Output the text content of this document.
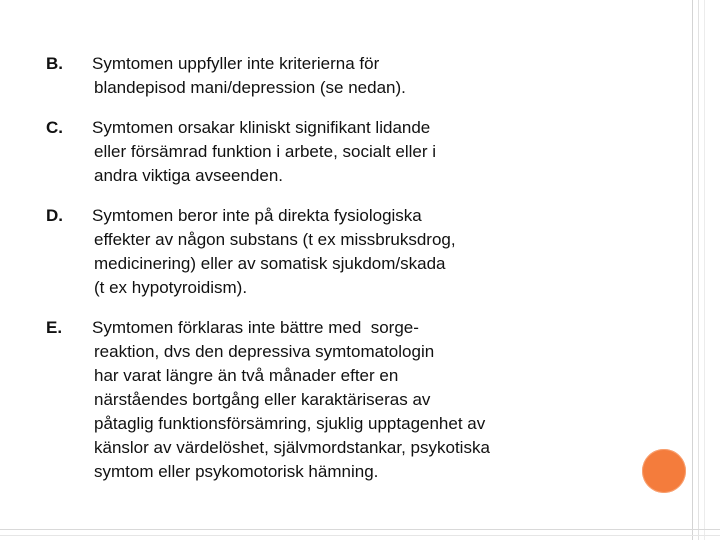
B.	Symtomen uppfyller inte kriterierna för
blandepisod mani/depression (se nedan).
C.	Symtomen orsakar kliniskt signifikant lidande
eller försämrad funktion i arbete, socialt eller i
andra viktiga avseenden.
D.	Symtomen beror inte på direkta fysiologiska
effekter av någon substans (t ex missbruksdrog,
medicinering) eller av somatisk sjukdom/skada
(t ex hypotyroidism).
E.	Symtomen förklaras inte bättre med  sorge-
reaktion, dvs den depressiva symtomatologin
har varat längre än två månader efter en
närståendes bortgång eller karaktäriseras av
påtaglig funktionsförsämring, sjuklig upptagenhet av
känslor av värdelöshet, självmordstankar, psykotiska
symtom eller psykomotorisk hämning.
